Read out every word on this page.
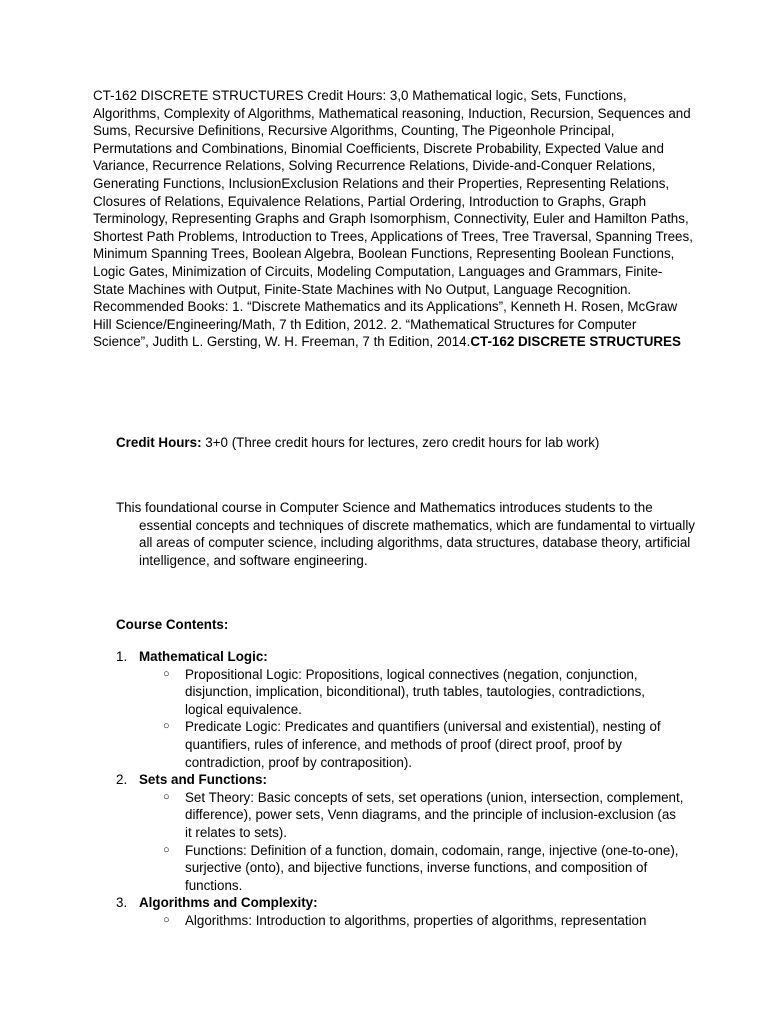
CT-162 DISCRETE STRUCTURES Credit Hours: 3,0 Mathematical logic, Sets, Functions, Algorithms, Complexity of Algorithms, Mathematical reasoning, Induction, Recursion, Sequences and Sums, Recursive Definitions, Recursive Algorithms, Counting, The Pigeonhole Principal, Permutations and Combinations, Binomial Coefficients, Discrete Probability, Expected Value and Variance, Recurrence Relations, Solving Recurrence Relations, Divide-and-Conquer Relations, Generating Functions, InclusionExclusion Relations and their Properties, Representing Relations, Closures of Relations, Equivalence Relations, Partial Ordering, Introduction to Graphs, Graph Terminology, Representing Graphs and Graph Isomorphism, Connectivity, Euler and Hamilton Paths, Shortest Path Problems, Introduction to Trees, Applications of Trees, Tree Traversal, Spanning Trees, Minimum Spanning Trees, Boolean Algebra, Boolean Functions, Representing Boolean Functions, Logic Gates, Minimization of Circuits, Modeling Computation, Languages and Grammars, Finite-State Machines with Output, Finite-State Machines with No Output, Language Recognition. Recommended Books: 1. “Discrete Mathematics and its Applications”, Kenneth H. Rosen, McGraw Hill Science/Engineering/Math, 7 th Edition, 2012. 2. “Mathematical Structures for Computer Science”, Judith L. Gersting, W. H. Freeman, 7 th Edition, 2014.CT-162 DISCRETE STRUCTURES

Credit Hours: 3+0 (Three credit hours for lectures, zero credit hours for lab work)

This foundational course in Computer Science and Mathematics introduces students to the essential concepts and techniques of discrete mathematics, which are fundamental to virtually all areas of computer science, including algorithms, data structures, database theory, artificial intelligence, and software engineering.

Course Contents:

1. Mathematical Logic:
○ Propositional Logic: Propositions, logical connectives (negation, conjunction, disjunction, implication, biconditional), truth tables, tautologies, contradictions, logical equivalence.
○ Predicate Logic: Predicates and quantifiers (universal and existential), nesting of quantifiers, rules of inference, and methods of proof (direct proof, proof by contradiction, proof by contraposition).
2. Sets and Functions:
○ Set Theory: Basic concepts of sets, set operations (union, intersection, complement, difference), power sets, Venn diagrams, and the principle of inclusion-exclusion (as it relates to sets).
○ Functions: Definition of a function, domain, codomain, range, injective (one-to-one), surjective (onto), and bijective functions, inverse functions, and composition of functions.
3. Algorithms and Complexity:
○ Algorithms: Introduction to algorithms, properties of algorithms, representation
